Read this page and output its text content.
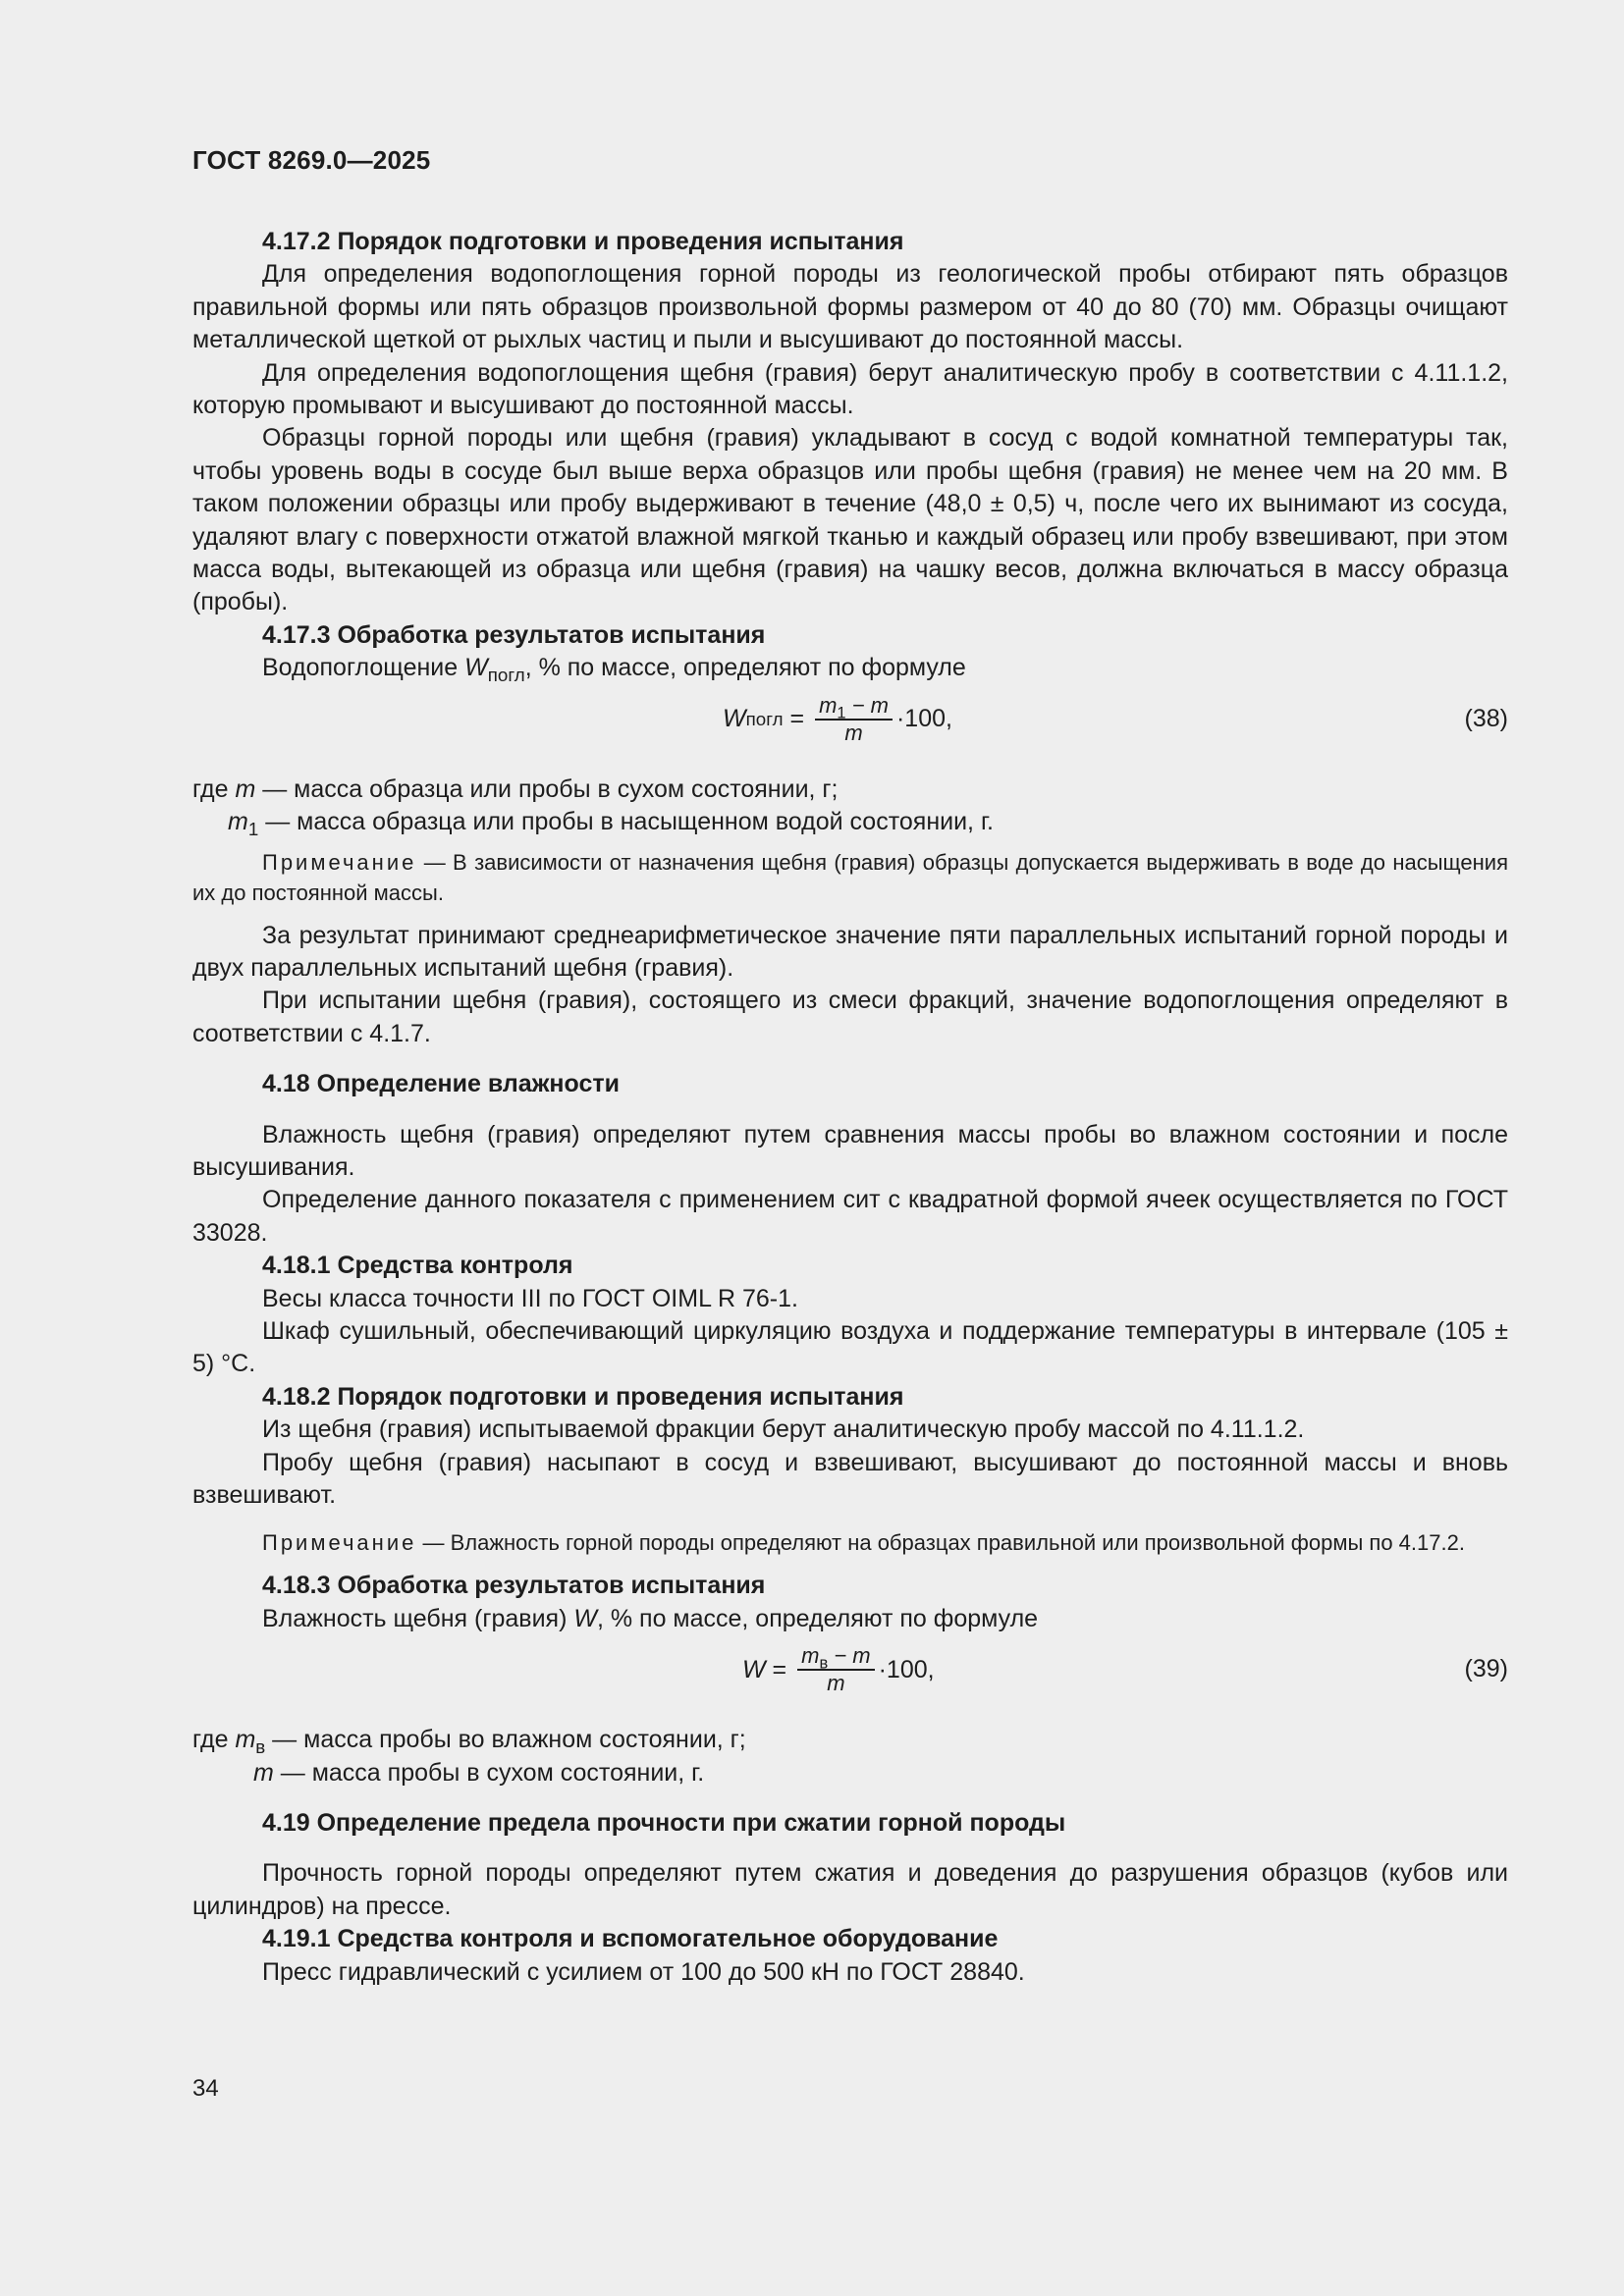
ГОСТ 8269.0—2025

4.17.2 Порядок подготовки и проведения испытания

Для определения водопоглощения горной породы из геологической пробы отбирают пять образцов правильной формы или пять образцов произвольной формы размером от 40 до 80 (70) мм. Образцы очищают металлической щеткой от рыхлых частиц и пыли и высушивают до постоянной массы.

Для определения водопоглощения щебня (гравия) берут аналитическую пробу в соответствии с 4.11.1.2, которую промывают и высушивают до постоянной массы.

Образцы горной породы или щебня (гравия) укладывают в сосуд с водой комнатной температуры так, чтобы уровень воды в сосуде был выше верха образцов или пробы щебня (гравия) не менее чем на 20 мм. В таком положении образцы или пробу выдерживают в течение (48,0 ± 0,5) ч, после чего их вынимают из сосуда, удаляют влагу с поверхности отжатой влажной мягкой тканью и каждый образец или пробу взвешивают, при этом масса воды, вытекающей из образца или щебня (гравия) на чашку весов, должна включаться в массу образца (пробы).

4.17.3 Обработка результатов испытания

Водопоглощение $W_{погл}$, % по массе, определяют по формуле

W погл = $\frac{m_1 - m}{m} \cdot 100$,	(38)

где m — масса образца или пробы в сухом состоянии, г;

$m_1$ — масса образца или пробы в насыщенном водой состоянии, г.

Примечание — В зависимости от назначения щебня (гравия) образцы допускается выдерживать в воде до насыщения их до постоянной массы.

За результат принимают среднеарифметическое значение пяти параллельных испытаний горной породы и двух параллельных испытаний щебня (гравия).

При испытании щебня (гравия), состоящего из смеси фракций, значение водопоглощения определяют в соответствии с 4.1.7.

4.18 Определение влажности

Влажность щебня (гравия) определяют путем сравнения массы пробы во влажном состоянии и после высушивания.

Определение данного показателя с применением сит с квадратной формой ячеек осуществляется по ГОСТ 33028.

4.18.1 Средства контроля

Весы класса точности III по ГОСТ OIML R 76-1.

Шкаф сушильный, обеспечивающий циркуляцию воздуха и поддержание температуры в интервале (105 ± 5) °С.

4.18.2 Порядок подготовки и проведения испытания

Из щебня (гравия) испытываемой фракции берут аналитическую пробу массой по 4.11.1.2.

Пробу щебня (гравия) насыпают в сосуд и взвешивают, высушивают до постоянной массы и вновь взвешивают.

Примечание — Влажность горной породы определяют на образцах правильной или произвольной формы по 4.17.2.

4.18.3 Обработка результатов испытания

Влажность щебня (гравия) W, % по массе, определяют по формуле

$W = \frac{m_в - m}{m} \cdot 100$,	(39)

где $m_в$ — масса пробы во влажном состоянии, г;

m — масса пробы в сухом состоянии, г.

4.19 Определение предела прочности при сжатии горной породы

Прочность горной породы определяют путем сжатия и доведения до разрушения образцов (кубов или цилиндров) на прессе.

4.19.1 Средства контроля и вспомогательное оборудование

Пресс гидравлический с усилием от 100 до 500 кН по ГОСТ 28840.

34
